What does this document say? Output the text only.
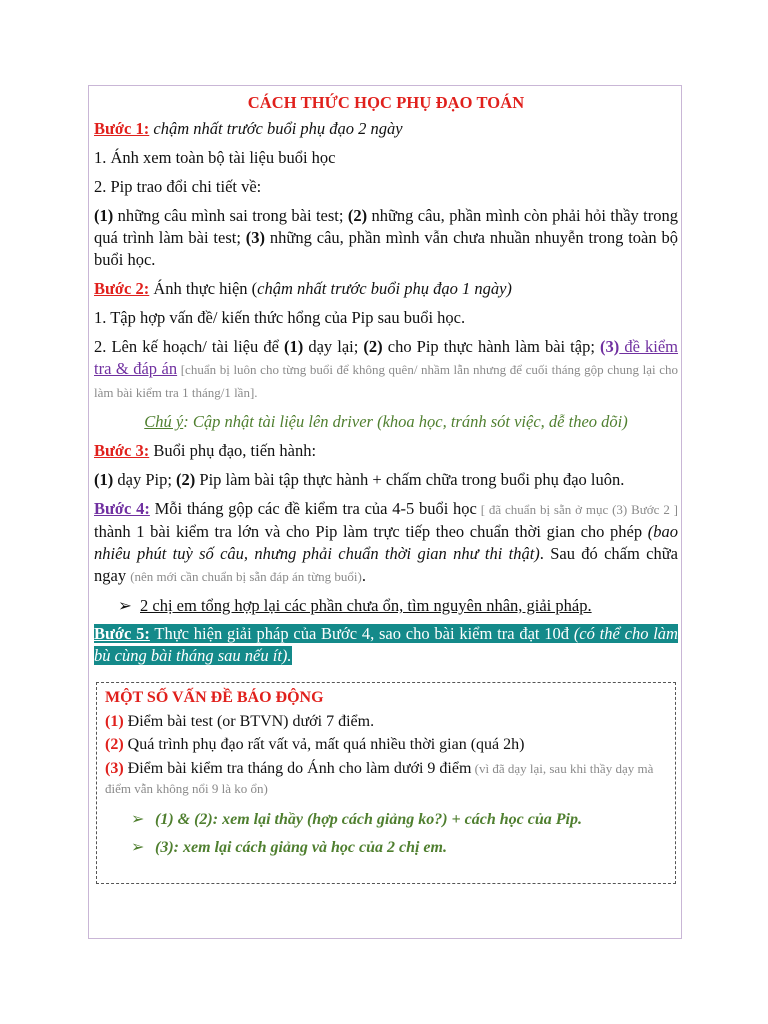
CÁCH THỨC HỌC PHỤ ĐẠO TOÁN

Bước 1: chậm nhất trước buổi phụ đạo 2 ngày

1. Ánh xem toàn bộ tài liệu buổi học

2. Pip trao đổi chi tiết về:

(1) những câu mình sai trong bài test; (2) những câu, phần mình còn phải hỏi thầy trong quá trình làm bài test; (3) những câu, phần mình vẫn chưa nhuần nhuyễn trong toàn bộ buổi học.

Bước 2: Ánh thực hiện (chậm nhất trước buổi phụ đạo 1 ngày)

1. Tập hợp vấn đề/ kiến thức hổng của Pip sau buổi học.

2. Lên kế hoạch/ tài liệu để (1) dạy lại; (2) cho Pip thực hành làm bài tập; (3) đề kiểm tra & đáp án [chuẩn bị luôn cho từng buổi để không quên/ nhầm lẫn nhưng để cuối tháng gộp chung lại cho làm bài kiểm tra 1 tháng/1 lần].

Chú ý: Cập nhật tài liệu lên driver (khoa học, tránh sót việc, dễ theo dõi)

Bước 3: Buổi phụ đạo, tiến hành:

(1) dạy Pip; (2) Pip làm bài tập thực hành + chấm chữa trong buổi phụ đạo luôn.

Bước 4: Mỗi tháng gộp các đề kiểm tra của 4-5 buổi học [ đã chuẩn bị sẵn ở mục (3) Bước 2 ] thành 1 bài kiểm tra lớn và cho Pip làm trực tiếp theo chuẩn thời gian cho phép (bao nhiêu phút tuỳ số câu, nhưng phải chuẩn thời gian như thi thật). Sau đó chấm chữa ngay (nên mới cần chuẩn bị sẵn đáp án từng buổi).

➢ 2 chị em tổng hợp lại các phần chưa ổn, tìm nguyên nhân, giải pháp.

Bước 5: Thực hiện giải pháp của Bước 4, sao cho bài kiểm tra đạt 10đ (có thể cho làm bù cùng bài tháng sau nếu ít).

MỘT SỐ VẤN ĐỀ BÁO ĐỘNG

(1) Điểm bài test (or BTVN) dưới 7 điểm.

(2) Quá trình phụ đạo rất vất vả, mất quá nhiều thời gian (quá 2h)

(3) Điểm bài kiểm tra tháng do Ánh cho làm dưới 9 điểm (vì đã dạy lại, sau khi thầy dạy mà điểm vẫn không nổi 9 là ko ổn)

➢ (1) & (2): xem lại thầy (hợp cách giảng ko?) + cách học của Pip.

➢ (3): xem lại cách giảng và học của 2 chị em.
